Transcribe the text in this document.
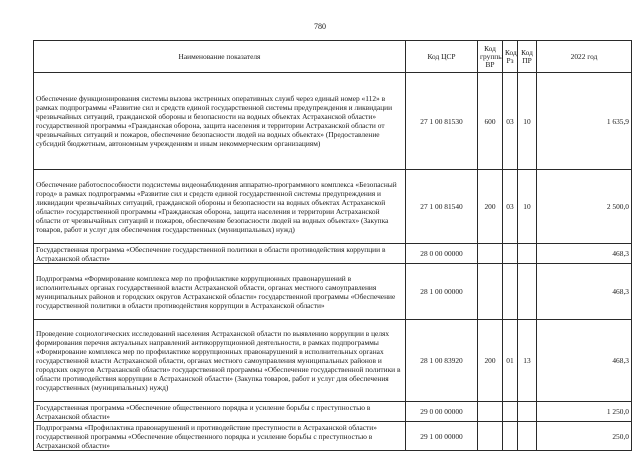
780
Наименование показателя	Код ЦСР	Код группы ВР	Код Рз	Код ПР	2022 год
Обеспечение функционирования системы вызова экстренных оперативных служб через единый номер «112» в рамках подпрограммы «Развитие сил и средств единой государственной системы предупреждения и ликвидации чрезвычайных ситуаций, гражданской обороны и безопасности на водных объектах Астраханской области» государственной программы «Гражданская оборона, защита населения и территории Астраханской области от чрезвычайных ситуаций и пожаров, обеспечение безопасности людей на водных объектах» (Предоставление субсидий бюджетным, автономным учреждениям и иным некоммерческим организациям)	27 1 00 81530	600	03	10	1 635,9
Обеспечение работоспособности подсистемы видеонаблюдения аппаратно-программного комплекса «Безопасный город» в рамках подпрограммы «Развитие сил и средств единой государственной системы предупреждения и ликвидации чрезвычайных ситуаций, гражданской обороны и безопасности на водных объектах Астраханской области» государственной программы «Гражданская оборона, защита населения и территории Астраханской области от чрезвычайных ситуаций и пожаров, обеспечение безопасности людей на водных объектах» (Закупка товаров, работ и услуг для обеспечения государственных (муниципальных) нужд)	27 1 00 81540	200	03	10	2 500,0
Государственная программа «Обеспечение государственной политики в области противодействия коррупции в Астраханской области»	28 0 00 00000				468,3
Подпрограмма «Формирование комплекса мер по профилактике коррупционных правонарушений в исполнительных органах государственной власти Астраханской области, органах местного самоуправления муниципальных районов и городских округов Астраханской области» государственной программы «Обеспечение государственной политики в области противодействия коррупции в Астраханской области»	28 1 00 00000				468,3
Проведение социологических исследований населения Астраханской области по выявлению коррупции в целях формирования перечня актуальных направлений антикоррупционной деятельности, в рамках подпрограммы «Формирование комплекса мер по профилактике коррупционных правонарушений в исполнительных органах государственной власти Астраханской области, органах местного самоуправления муниципальных районов и городских округов Астраханской области» государственной программы «Обеспечение государственной политики в области противодействия коррупции в Астраханской области» (Закупка товаров, работ и услуг для обеспечения государственных (муниципальных) нужд)	28 1 00 83920	200	01	13	468,3
Государственная программа «Обеспечение общественного порядка и усиление борьбы с преступностью в Астраханской области»	29 0 00 00000				1 250,0
Подпрограмма «Профилактика правонарушений и противодействие преступности в Астраханской области» государственной программы «Обеспечение общественного порядка и усиление борьбы с преступностью в Астраханской области»	29 1 00 00000				250,0
